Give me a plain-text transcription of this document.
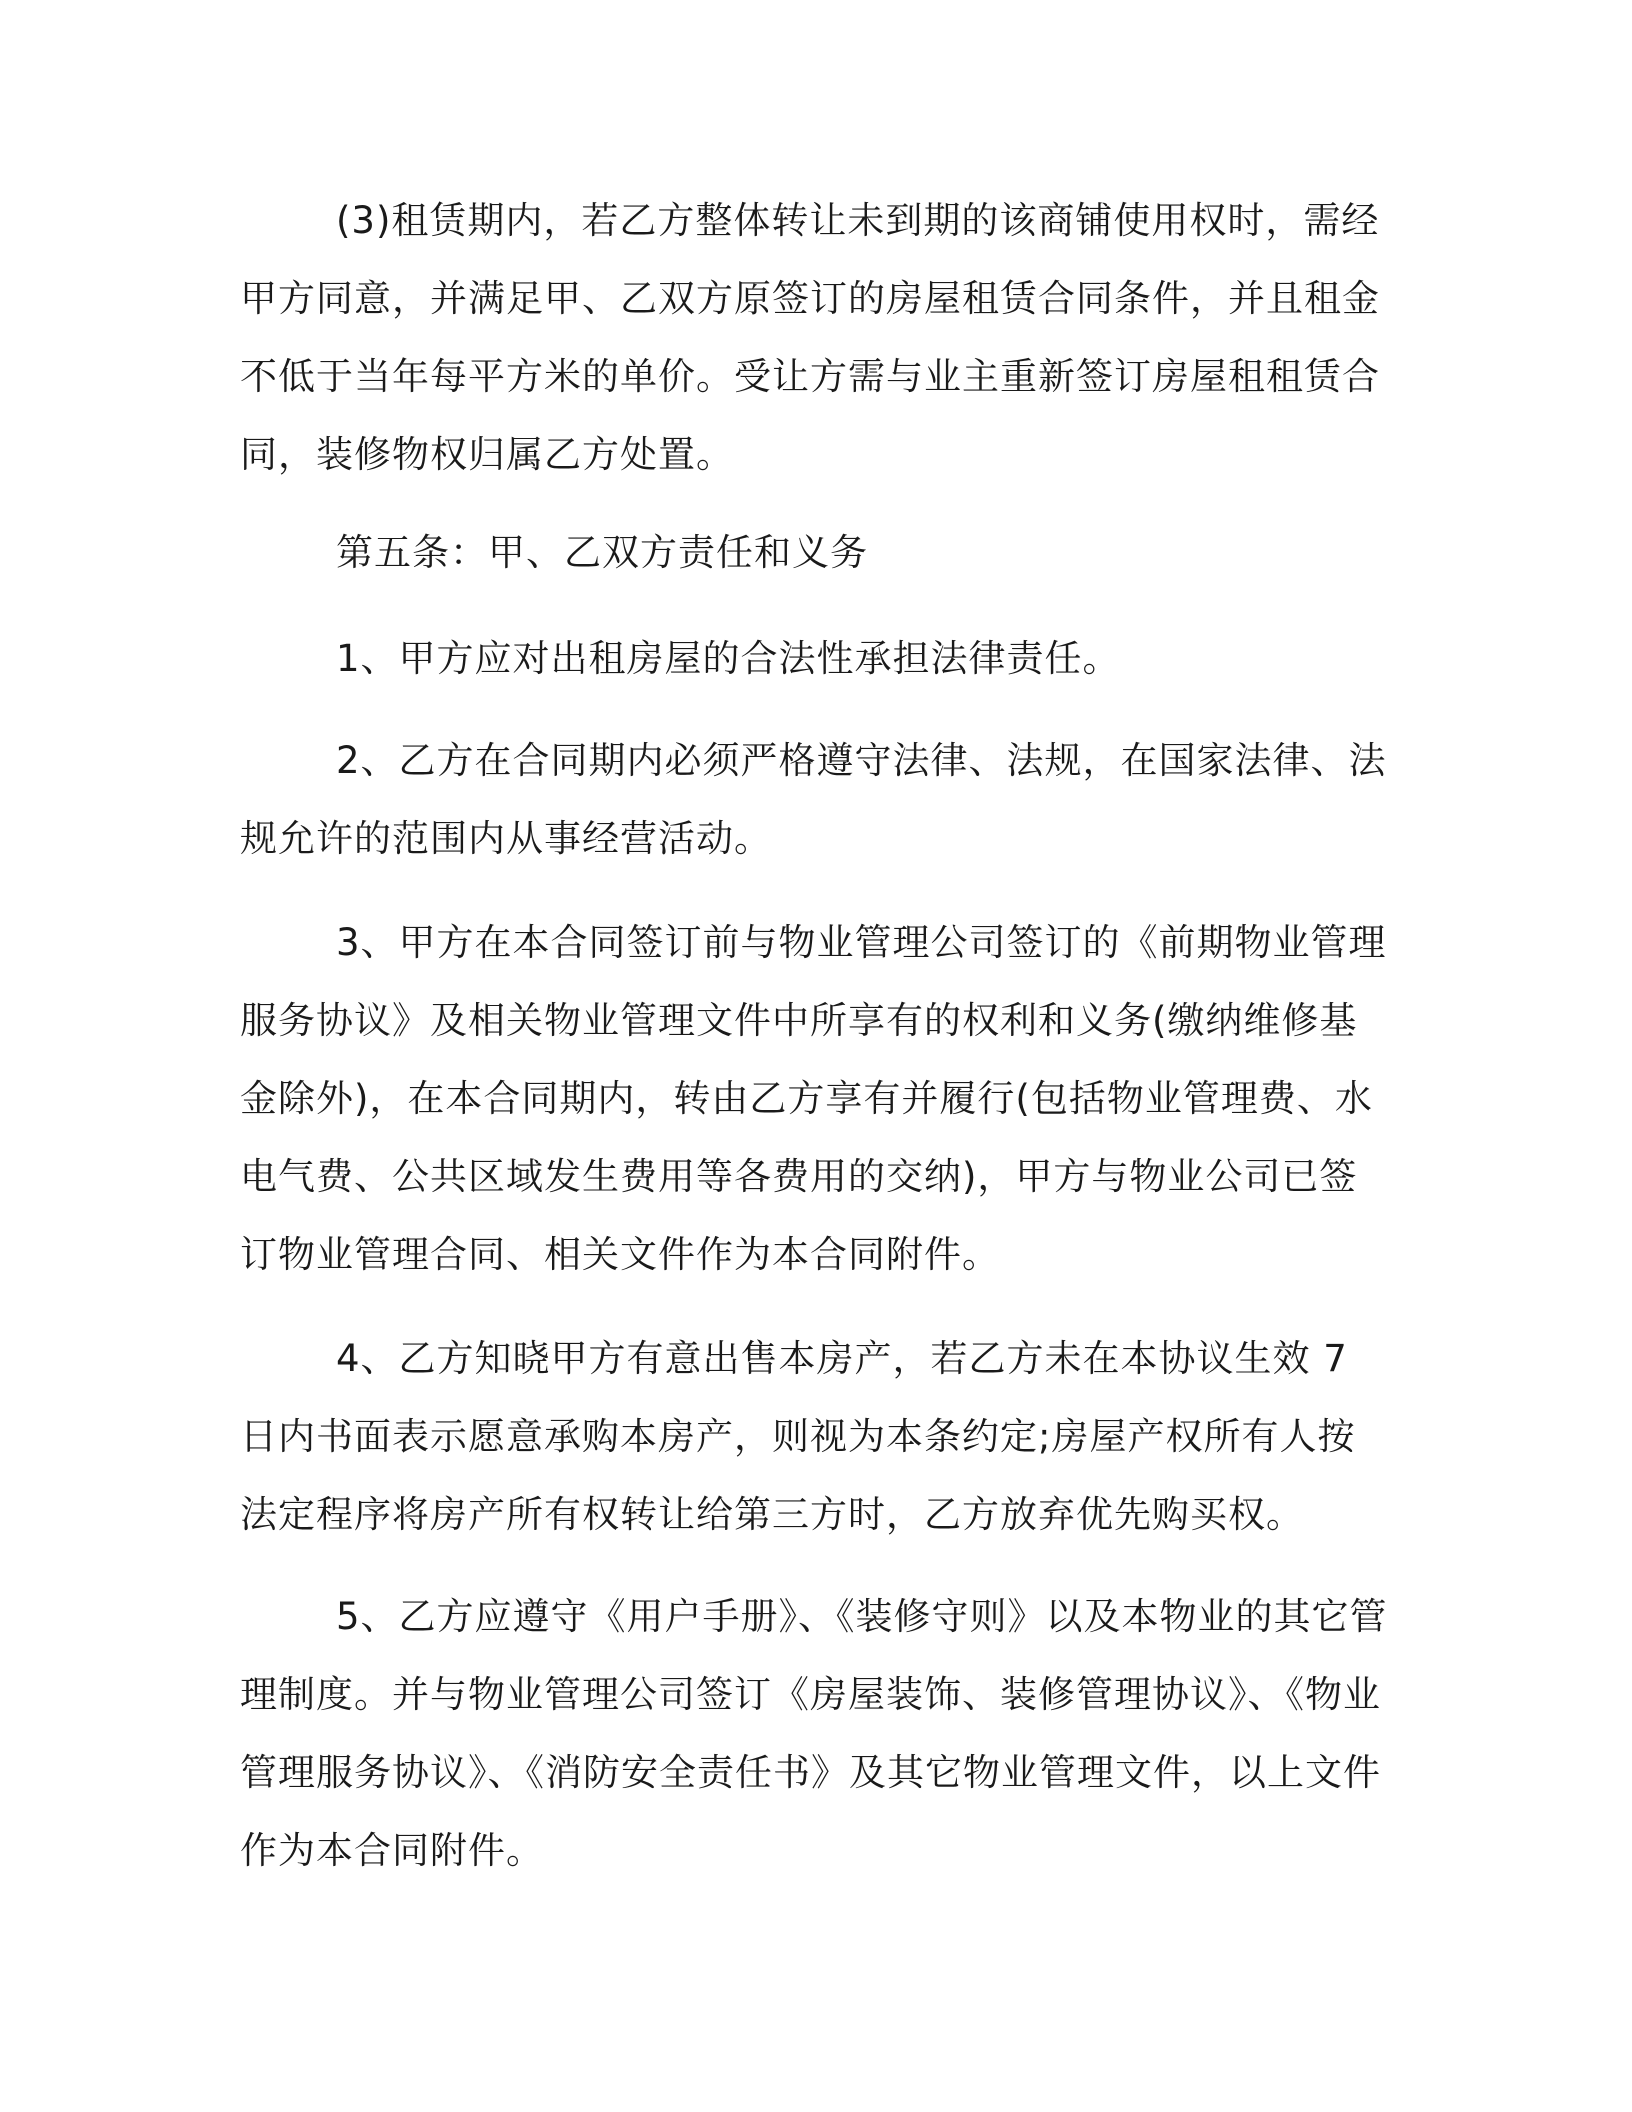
(3)租赁期内，若乙方整体转让未到期的该商铺使用权时，需经甲方同意，并满足甲、乙双方原签订的房屋租赁合同条件，并且租金不低于当年每平方米的单价。受让方需与业主重新签订房屋租租赁合同，装修物权归属乙方处置。

第五条：甲、乙双方责任和义务

1、甲方应对出租房屋的合法性承担法律责任。

2、乙方在合同期内必须严格遵守法律、法规，在国家法律、法规允许的范围内从事经营活动。

3、甲方在本合同签订前与物业管理公司签订的《前期物业管理服务协议》及相关物业管理文件中所享有的权利和义务(缴纳维修基金除外)，在本合同期内，转由乙方享有并履行(包括物业管理费、水电气费、公共区域发生费用等各费用的交纳)，甲方与物业公司已签订物业管理合同、相关文件作为本合同附件。

4、乙方知晓甲方有意出售本房产，若乙方未在本协议生效 7 日内书面表示愿意承购本房产，则视为本条约定;房屋产权所有人按法定程序将房产所有权转让给第三方时，乙方放弃优先购买权。

5、乙方应遵守《用户手册》、《装修守则》以及本物业的其它管理制度。并与物业管理公司签订《房屋装饰、装修管理协议》、《物业管理服务协议》、《消防安全责任书》及其它物业管理文件，以上文件作为本合同附件。
